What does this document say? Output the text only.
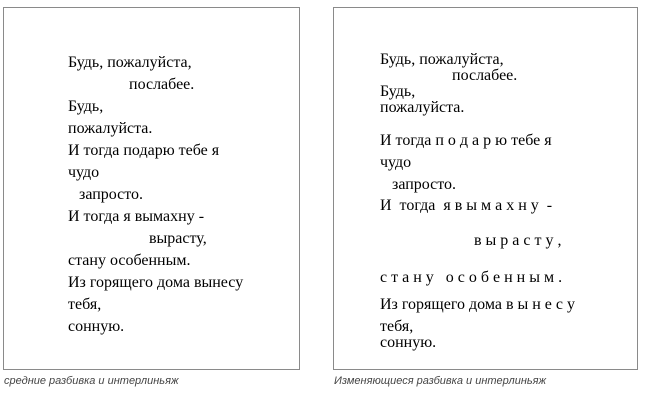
Будь, пожалуйста,
послабее.
Будь,
пожалуйста.
И тогда подарю тебе я
чудо
запросто.
И тогда я вымахну -
вырасту,
стану особенным.
Из горящего дома вынесу
тебя,
сонную.
Будь, пожалуйста,
послабее.
Будь,
пожалуйста.
И тогда п о д а р ю тебе я
чудо
запросто.
И  тогда  я в ы м а х н у  -
в ы р а с т у ,
с т а н у   о с о б е н н ы м .
Из горящего дома в ы н е с у
тебя,
сонную.
средние разбивка и интерлиньяж	Изменяющиеся разбивка и интерлиньяж
